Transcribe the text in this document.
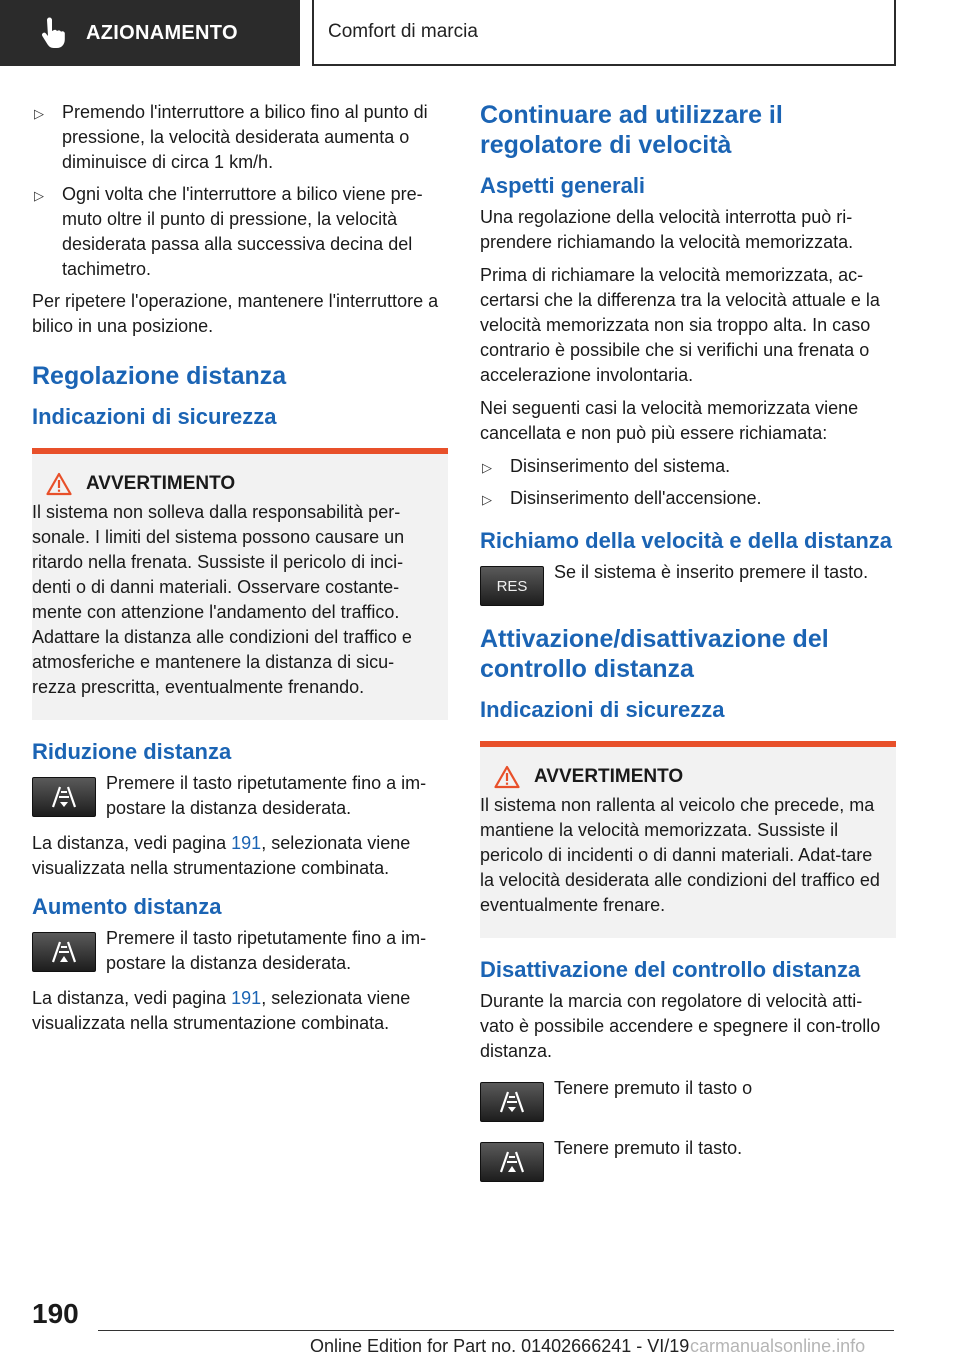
AZIONAMENTO	Comfort di marcia
▷ Premendo l'interruttore a bilico fino al punto di pressione, la velocità desiderata aumenta o diminuisce di circa 1 km/h.
▷ Ogni volta che l'interruttore a bilico viene pre‐muto oltre il punto di pressione, la velocità desiderata passa alla successiva decina del tachimetro.

Per ripetere l'operazione, mantenere l'interruttore a bilico in una posizione.

Regolazione distanza
Indicazioni di sicurezza
AVVERTIMENTO

Il sistema non solleva dalla responsabilità per‐sonale. I limiti del sistema possono causare un ritardo nella frenata. Sussiste il pericolo di inci‐denti o di danni materiali. Osservare costante‐mente con attenzione l'andamento del traffico. Adattare la distanza alle condizioni del traffico e atmosferiche e mantenere la distanza di sicu‐rezza prescritta, eventualmente frenando.

Riduzione distanza

Premere il tasto ripetutamente fino a im‐postare la distanza desiderata.

La distanza, vedi pagina 191, selezionata viene visualizzata nella strumentazione combinata.

Aumento distanza

Premere il tasto ripetutamente fino a im‐postare la distanza desiderata.

La distanza, vedi pagina 191, selezionata viene visualizzata nella strumentazione combinata.

Continuare ad utilizzare il regolatore di velocità
Aspetti generali

Una regolazione della velocità interrotta può ri‐prendere richiamando la velocità memorizzata.

Prima di richiamare la velocità memorizzata, ac‐certarsi che la differenza tra la velocità attuale e la velocità memorizzata non sia troppo alta. In caso contrario è possibile che si verifichi una frenata o accelerazione involontaria.

Nei seguenti casi la velocità memorizzata viene cancellata e non può più essere richiamata:

▷ Disinserimento del sistema.
▷ Disinserimento dell'accensione.
Richiamo della velocità e della distanza
RES

Se il sistema è inserito premere il tasto.

Attivazione/disattivazione del controllo distanza
Indicazioni di sicurezza
AVVERTIMENTO

Il sistema non rallenta al veicolo che precede, ma mantiene la velocità memorizzata. Sussiste il pericolo di incidenti o di danni materiali. Adat‐tare la velocità desiderata alle condizioni del traffico ed eventualmente frenare.

Disattivazione del controllo distanza

Durante la marcia con regolatore di velocità atti‐vato è possibile accendere e spegnere il con‐trollo distanza.

Tenere premuto il tasto o

Tenere premuto il tasto.

190
Online Edition for Part no. 01402666241 - VI/19 carmanualsonline.info
